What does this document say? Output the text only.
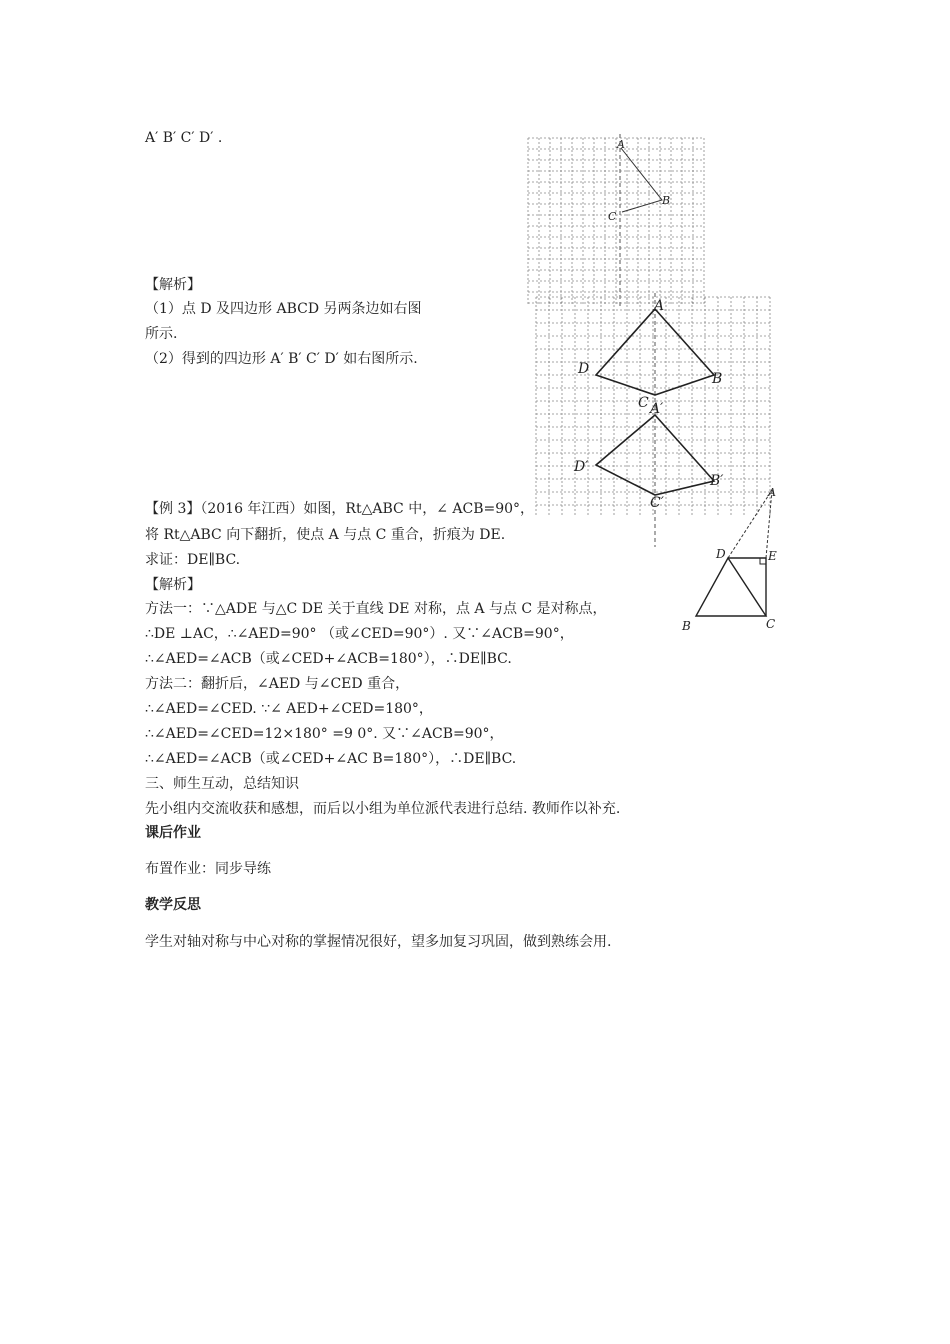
A′ B′ C′ D′ .
【解析】
（1）点 D 及四边形 ABCD 另两条边如右图
所示.
（2）得到的四边形 A′ B′ C′ D′ 如右图所示.
【例 3】（2016 年江西）如图，Rt△ABC 中，∠ ACB=90°，
将 Rt△ABC 向下翻折，使点 A 与点 C 重合，折痕为 DE.
求证：DE∥BC.
【解析】
方法一：∵△ADE 与△C DE 关于直线 DE 对称，点 A 与点 C 是对称点，
∴DE ⊥AC，∴∠AED=90° （或∠CED=90°）. 又∵∠ACB=90°，
∴∠AED=∠ACB（或∠CED+∠ACB=180°），∴DE∥BC.
方法二：翻折后，∠AED 与∠CED 重合，
∴∠AED=∠CED. ∵∠ AED+∠CED=180°，
∴∠AED=∠CED=12×180° =9 0°. 又∵∠ACB=90°，
∴∠AED=∠ACB（或∠CED+∠AC B=180°），∴DE∥BC.
三、师生互动，总结知识
先小组内交流收获和感想，而后以小组为单位派代表进行总结. 教师作以补充.
课后作业
布置作业：同步导练
教学反思
学生对轴对称与中心对称的掌握情况很好，望多加复习巩固，做到熟练会用.
A
B
C
A
B
C
D
A′
B′
C′
D′
A
B	C
D	E
